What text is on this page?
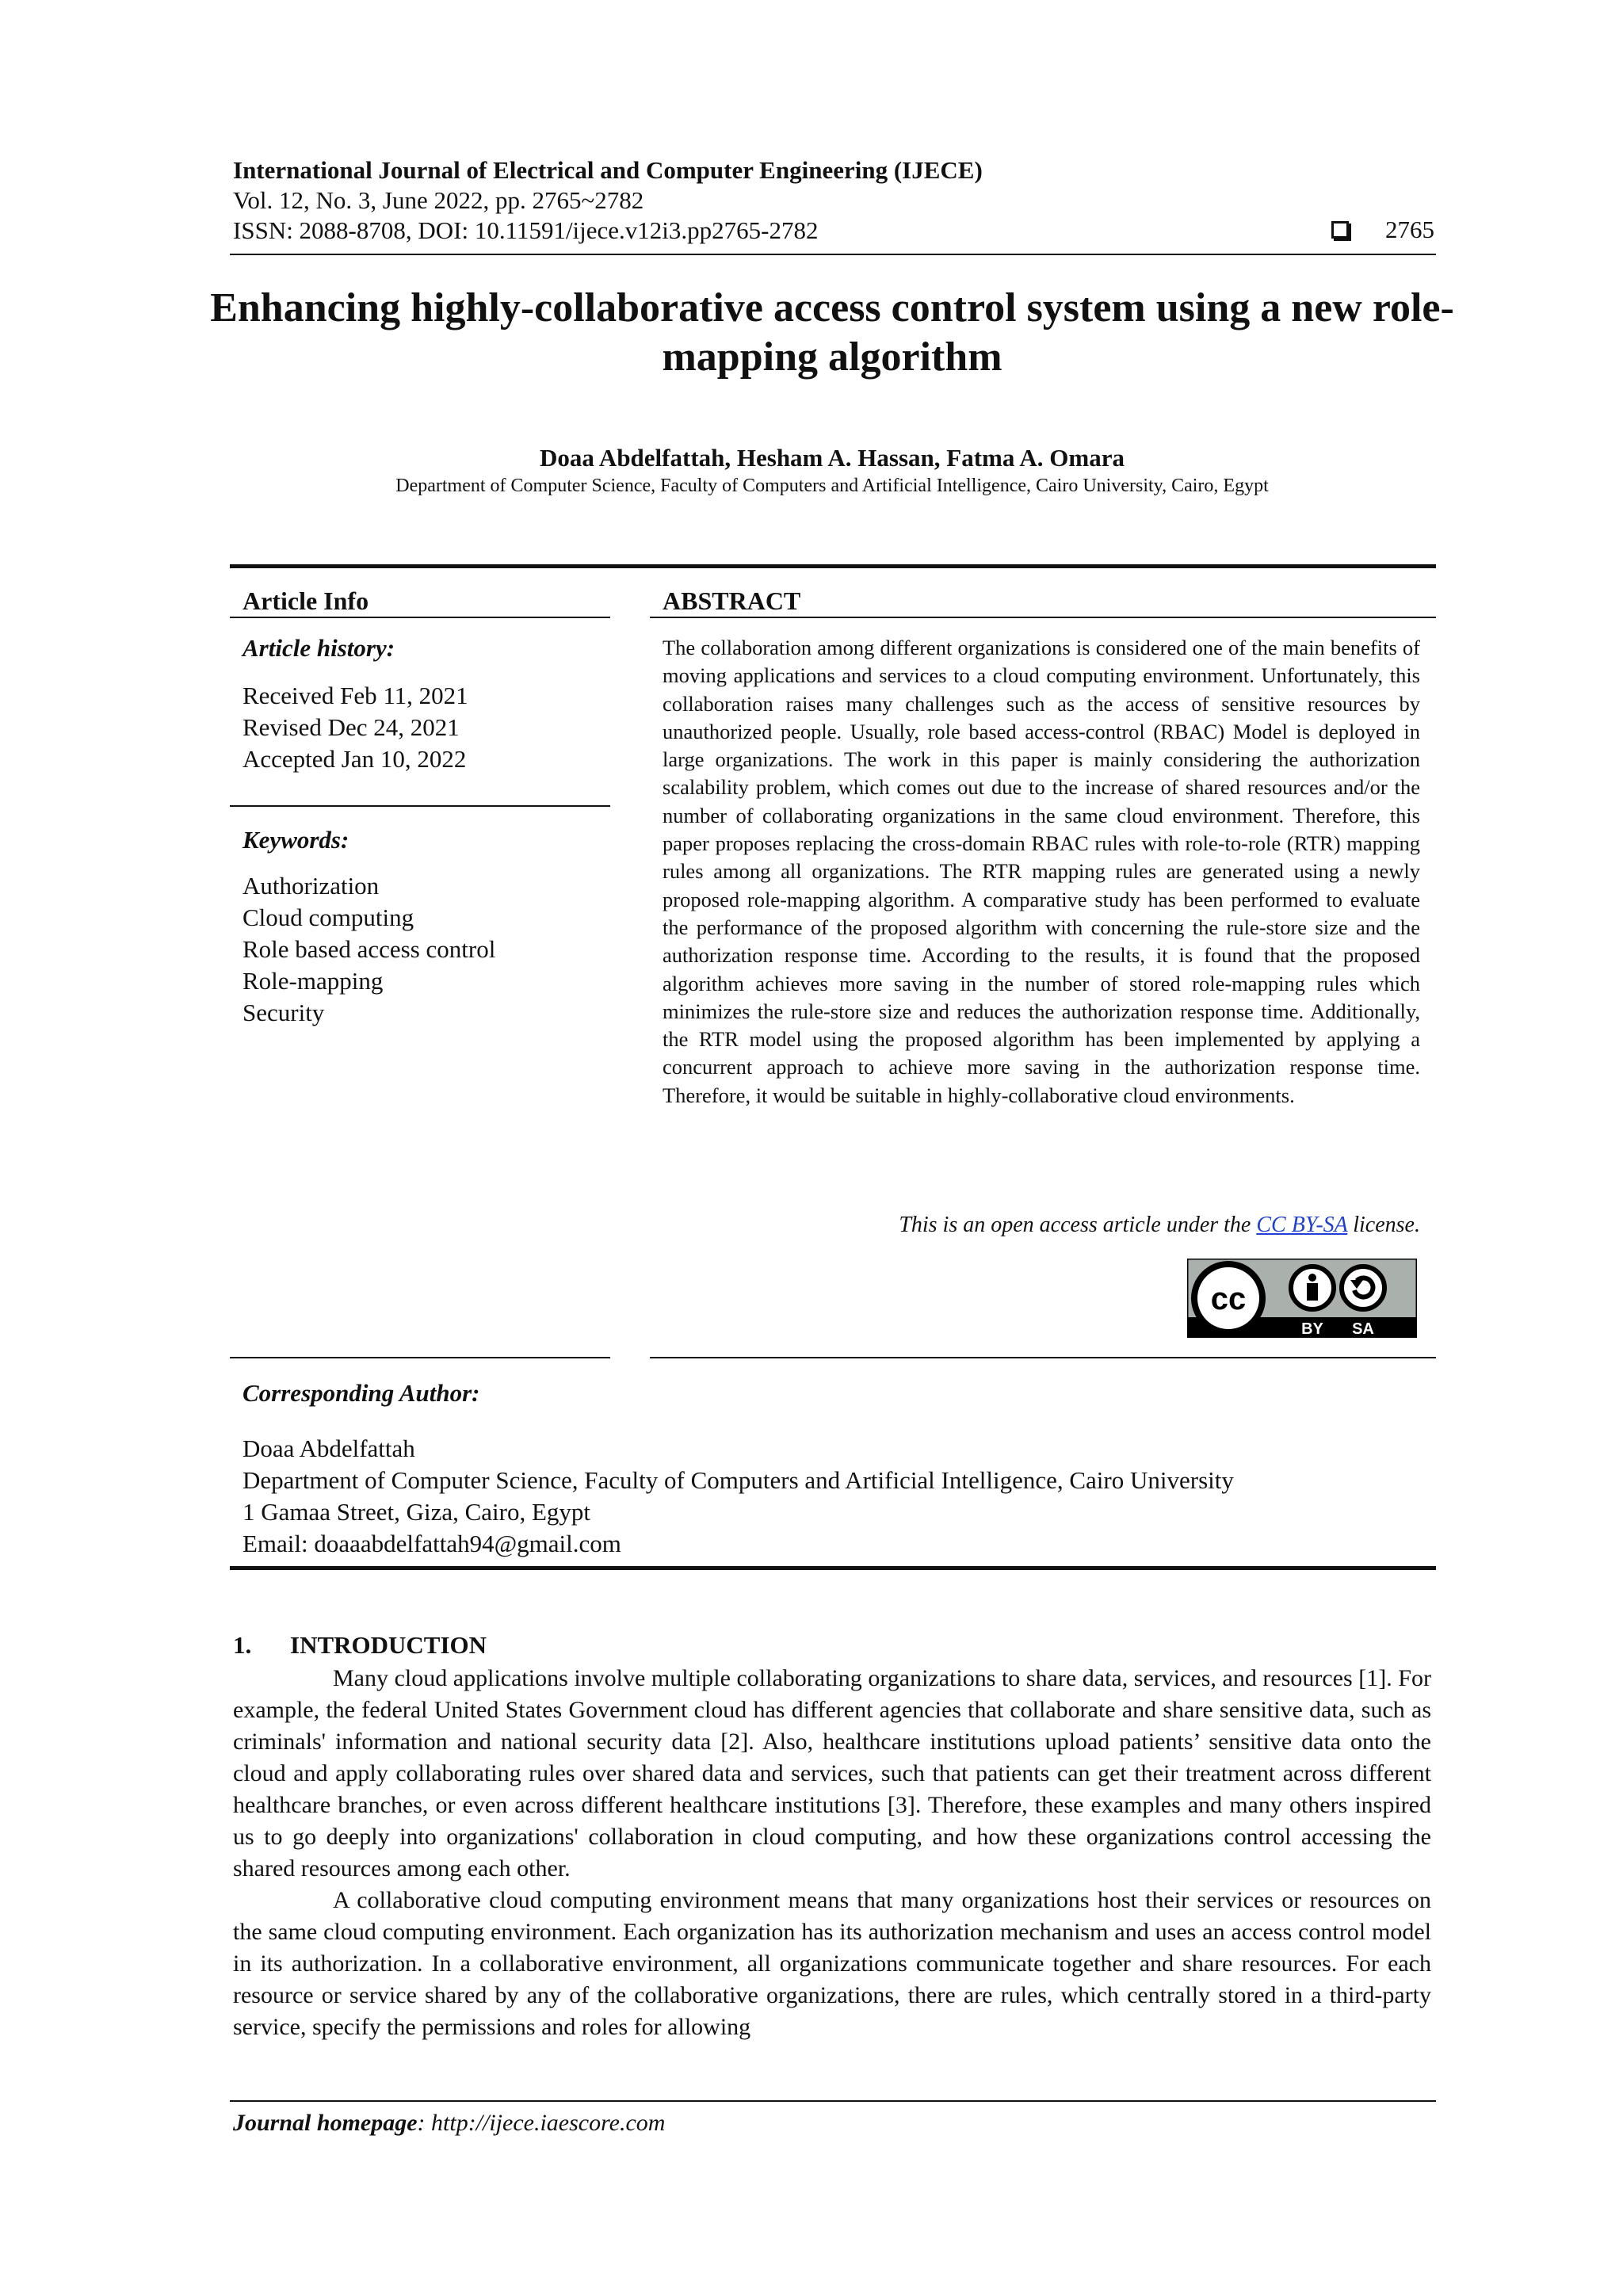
International Journal of Electrical and Computer Engineering (IJECE)
Vol. 12, No. 3, June 2022, pp. 2765~2782
ISSN: 2088-8708, DOI: 10.11591/ijece.v12i3.pp2765-2782	2765
Enhancing highly-collaborative access control system using a new role-mapping algorithm
Doaa Abdelfattah, Hesham A. Hassan, Fatma A. Omara
Department of Computer Science, Faculty of Computers and Artificial Intelligence, Cairo University, Cairo, Egypt
Article Info
Article history:
Received Feb 11, 2021
Revised Dec 24, 2021
Accepted Jan 10, 2022
Keywords:
Authorization
Cloud computing
Role based access control
Role-mapping
Security
ABSTRACT
The collaboration among different organizations is considered one of the main benefits of moving applications and services to a cloud computing environment. Unfortunately, this collaboration raises many challenges such as the access of sensitive resources by unauthorized people. Usually, role based access-control (RBAC) Model is deployed in large organizations. The work in this paper is mainly considering the authorization scalability problem, which comes out due to the increase of shared resources and/or the number of collaborating organizations in the same cloud environment. Therefore, this paper proposes replacing the cross-domain RBAC rules with role-to-role (RTR) mapping rules among all organizations. The RTR mapping rules are generated using a newly proposed role-mapping algorithm. A comparative study has been performed to evaluate the performance of the proposed algorithm with concerning the rule-store size and the authorization response time. According to the results, it is found that the proposed algorithm achieves more saving in the number of stored role-mapping rules which minimizes the rule-store size and reduces the authorization response time. Additionally, the RTR model using the proposed algorithm has been implemented by applying a concurrent approach to achieve more saving in the authorization response time. Therefore, it would be suitable in highly-collaborative cloud environments.
This is an open access article under the CC BY-SA license.
cc
BY SA
Corresponding Author:
Doaa Abdelfattah
Department of Computer Science, Faculty of Computers and Artificial Intelligence, Cairo University
1 Gamaa Street, Giza, Cairo, Egypt
Email: doaaabdelfattah94@gmail.com
1. INTRODUCTION

Many cloud applications involve multiple collaborating organizations to share data, services, and resources [1]. For example, the federal United States Government cloud has different agencies that collaborate and share sensitive data, such as criminals' information and national security data [2]. Also, healthcare institutions upload patients’ sensitive data onto the cloud and apply collaborating rules over shared data and services, such that patients can get their treatment across different healthcare branches, or even across different healthcare institutions [3]. Therefore, these examples and many others inspired us to go deeply into organizations' collaboration in cloud computing, and how these organizations control accessing the shared resources among each other.

A collaborative cloud computing environment means that many organizations host their services or resources on the same cloud computing environment. Each organization has its authorization mechanism and uses an access control model in its authorization. In a collaborative environment, all organizations communicate together and share resources. For each resource or service shared by any of the collaborative organizations, there are rules, which centrally stored in a third-party service, specify the permissions and roles for allowing

Journal homepage: http://ijece.iaescore.com
